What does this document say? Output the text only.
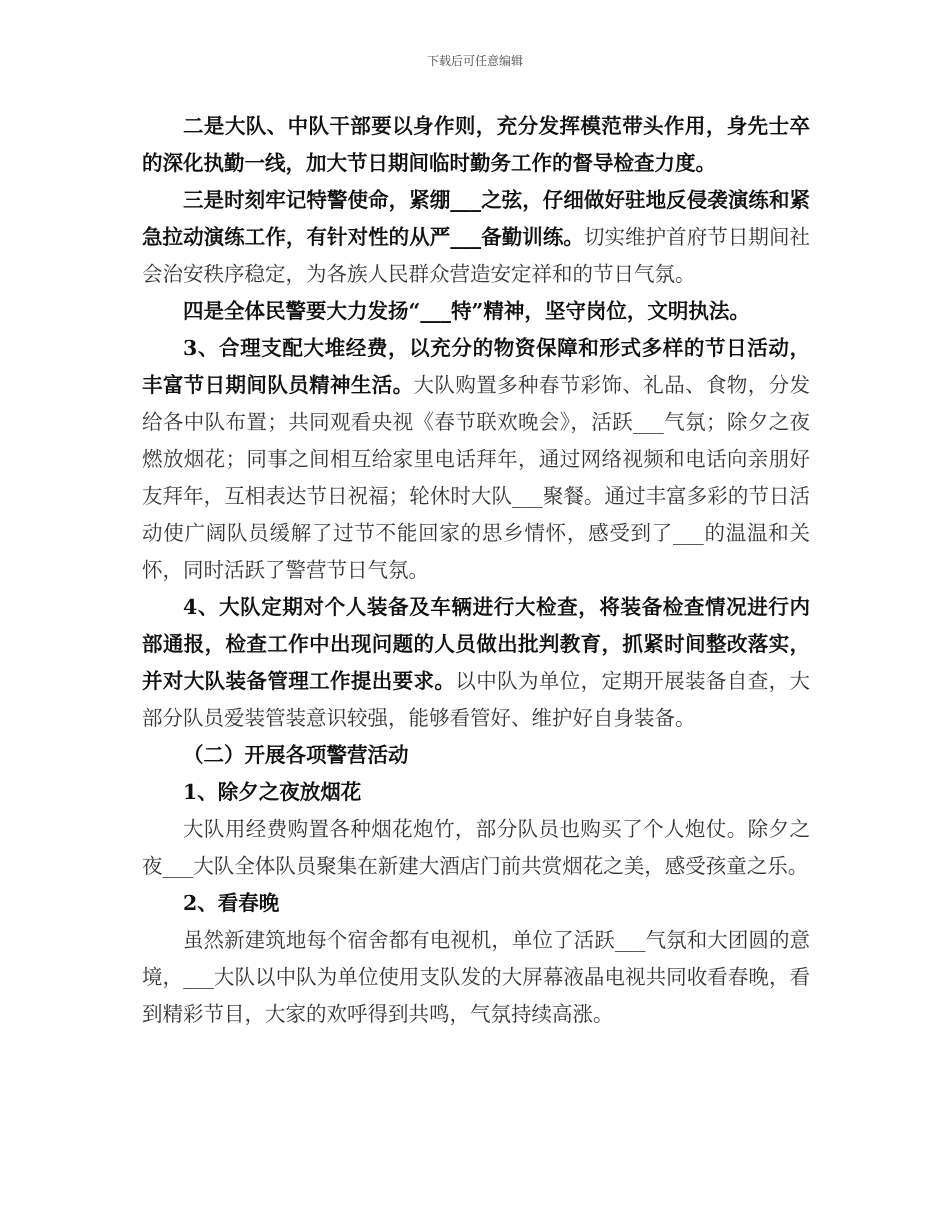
下载后可任意编辑

二是大队、中队干部要以身作则，充分发挥模范带头作用，身先士卒的深化执勤一线，加大节日期间临时勤务工作的督导检查力度。

三是时刻牢记特警使命，紧绷___之弦，仔细做好驻地反侵袭演练和紧急拉动演练工作，有针对性的从严___备勤训练。切实维护首府节日期间社会治安秩序稳定，为各族人民群众营造安定祥和的节日气氛。

四是全体民警要大力发扬“___特”精神，坚守岗位，文明执法。

3、合理支配大堆经费，以充分的物资保障和形式多样的节日活动，丰富节日期间队员精神生活。大队购置多种春节彩饰、礼品、食物，分发给各中队布置；共同观看央视《春节联欢晚会》，活跃___气氛；除夕之夜燃放烟花；同事之间相互给家里电话拜年，通过网络视频和电话向亲朋好友拜年，互相表达节日祝福；轮休时大队___聚餐。通过丰富多彩的节日活动使广阔队员缓解了过节不能回家的思乡情怀，感受到了___的温温和关怀，同时活跃了警营节日气氛。

4、大队定期对个人装备及车辆进行大检查，将装备检查情况进行内部通报，检查工作中出现问题的人员做出批判教育，抓紧时间整改落实，并对大队装备管理工作提出要求。以中队为单位，定期开展装备自查，大部分队员爱装管装意识较强，能够看管好、维护好自身装备。

（二）开展各项警营活动

1、除夕之夜放烟花

大队用经费购置各种烟花炮竹，部分队员也购买了个人炮仗。除夕之夜___大队全体队员聚集在新建大酒店门前共赏烟花之美，感受孩童之乐。

2、看春晚

虽然新建筑地每个宿舍都有电视机，单位了活跃___气氛和大团圆的意境，___大队以中队为单位使用支队发的大屏幕液晶电视共同收看春晚，看到精彩节目，大家的欢呼得到共鸣，气氛持续高涨。
